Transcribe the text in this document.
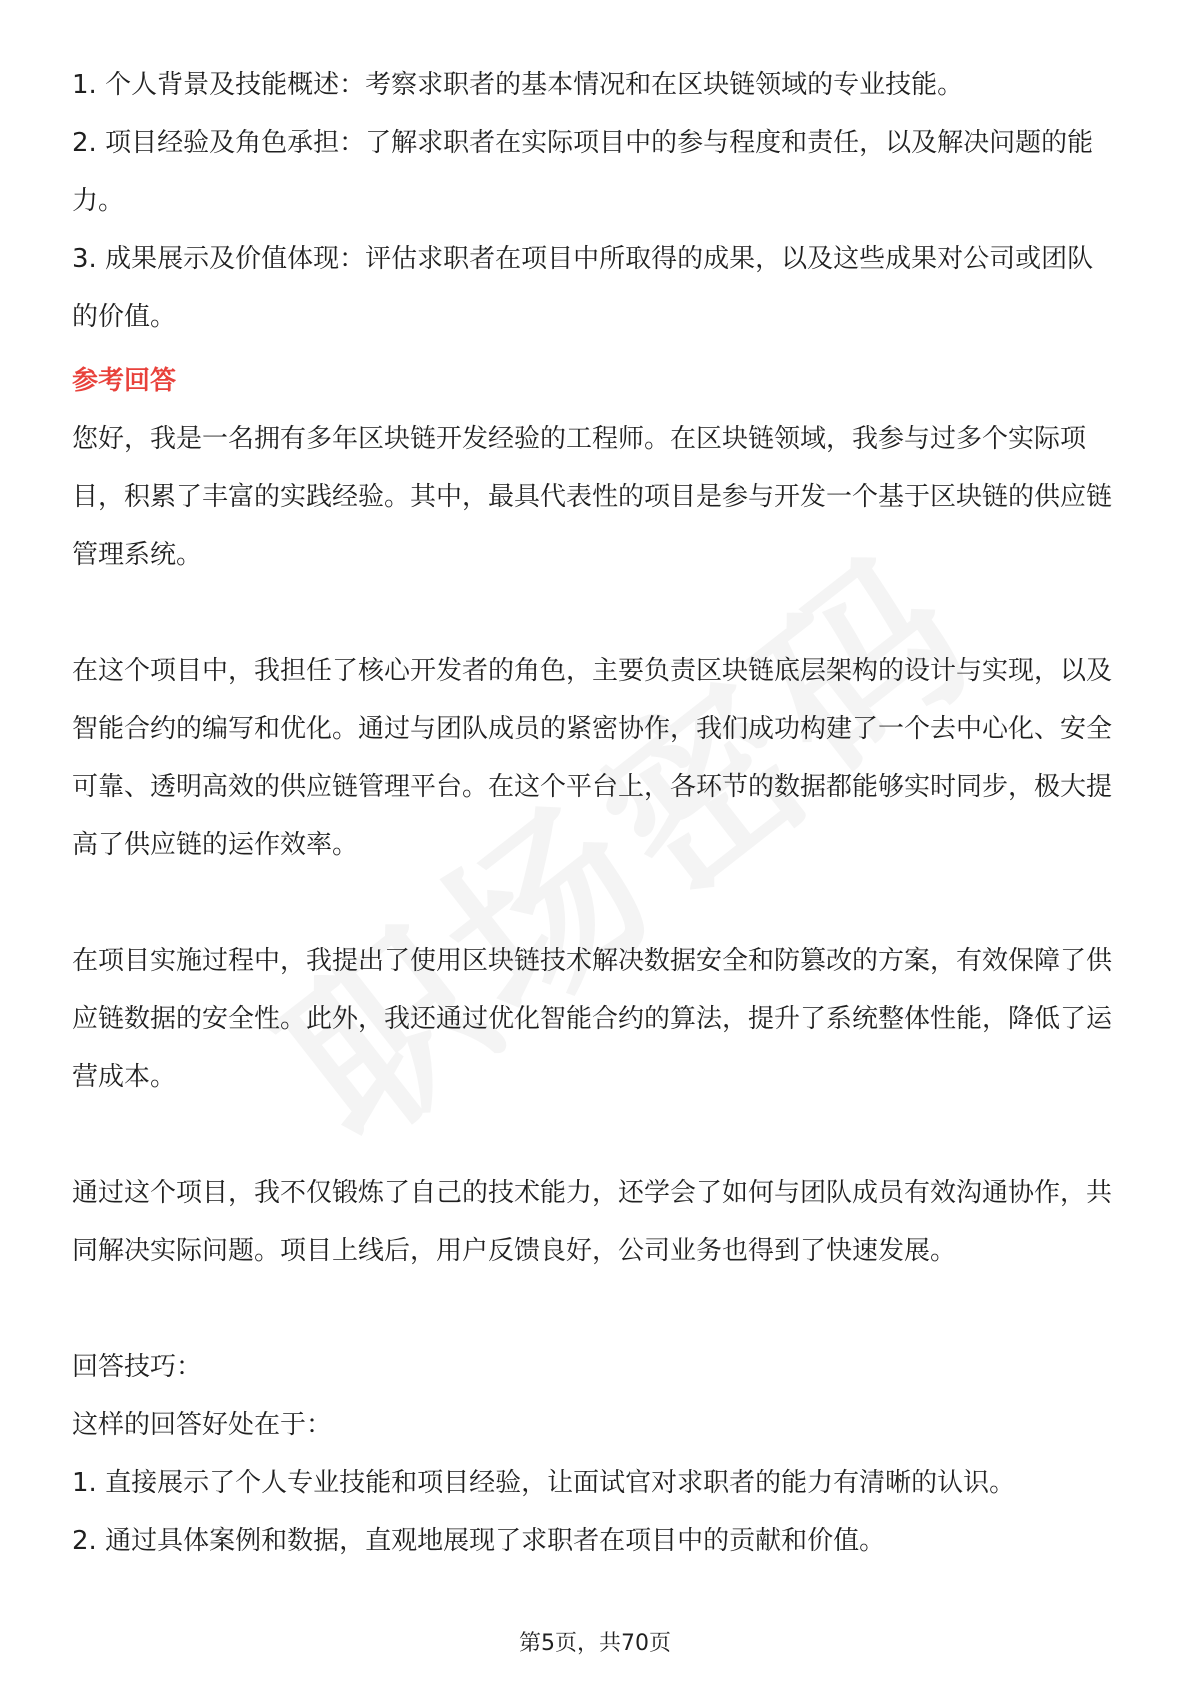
1. 个人背景及技能概述：考察求职者的基本情况和在区块链领域的专业技能。

2. 项目经验及角色承担：了解求职者在实际项目中的参与程度和责任，以及解决问题的能力。

3. 成果展示及价值体现：评估求职者在项目中所取得的成果，以及这些成果对公司或团队的价值。

参考回答

您好，我是一名拥有多年区块链开发经验的工程师。在区块链领域，我参与过多个实际项目，积累了丰富的实践经验。其中，最具代表性的项目是参与开发一个基于区块链的供应链管理系统。

在这个项目中，我担任了核心开发者的角色，主要负责区块链底层架构的设计与实现，以及智能合约的编写和优化。通过与团队成员的紧密协作，我们成功构建了一个去中心化、安全可靠、透明高效的供应链管理平台。在这个平台上，各环节的数据都能够实时同步，极大提高了供应链的运作效率。

在项目实施过程中，我提出了使用区块链技术解决数据安全和防篡改的方案，有效保障了供应链数据的安全性。此外，我还通过优化智能合约的算法，提升了系统整体性能，降低了运营成本。

通过这个项目，我不仅锻炼了自己的技术能力，还学会了如何与团队成员有效沟通协作，共同解决实际问题。项目上线后，用户反馈良好，公司业务也得到了快速发展。

回答技巧：

这样的回答好处在于：

1. 直接展示了个人专业技能和项目经验，让面试官对求职者的能力有清晰的认识。

2. 通过具体案例和数据，直观地展现了求职者在项目中的贡献和价值。

第5页，共70页
